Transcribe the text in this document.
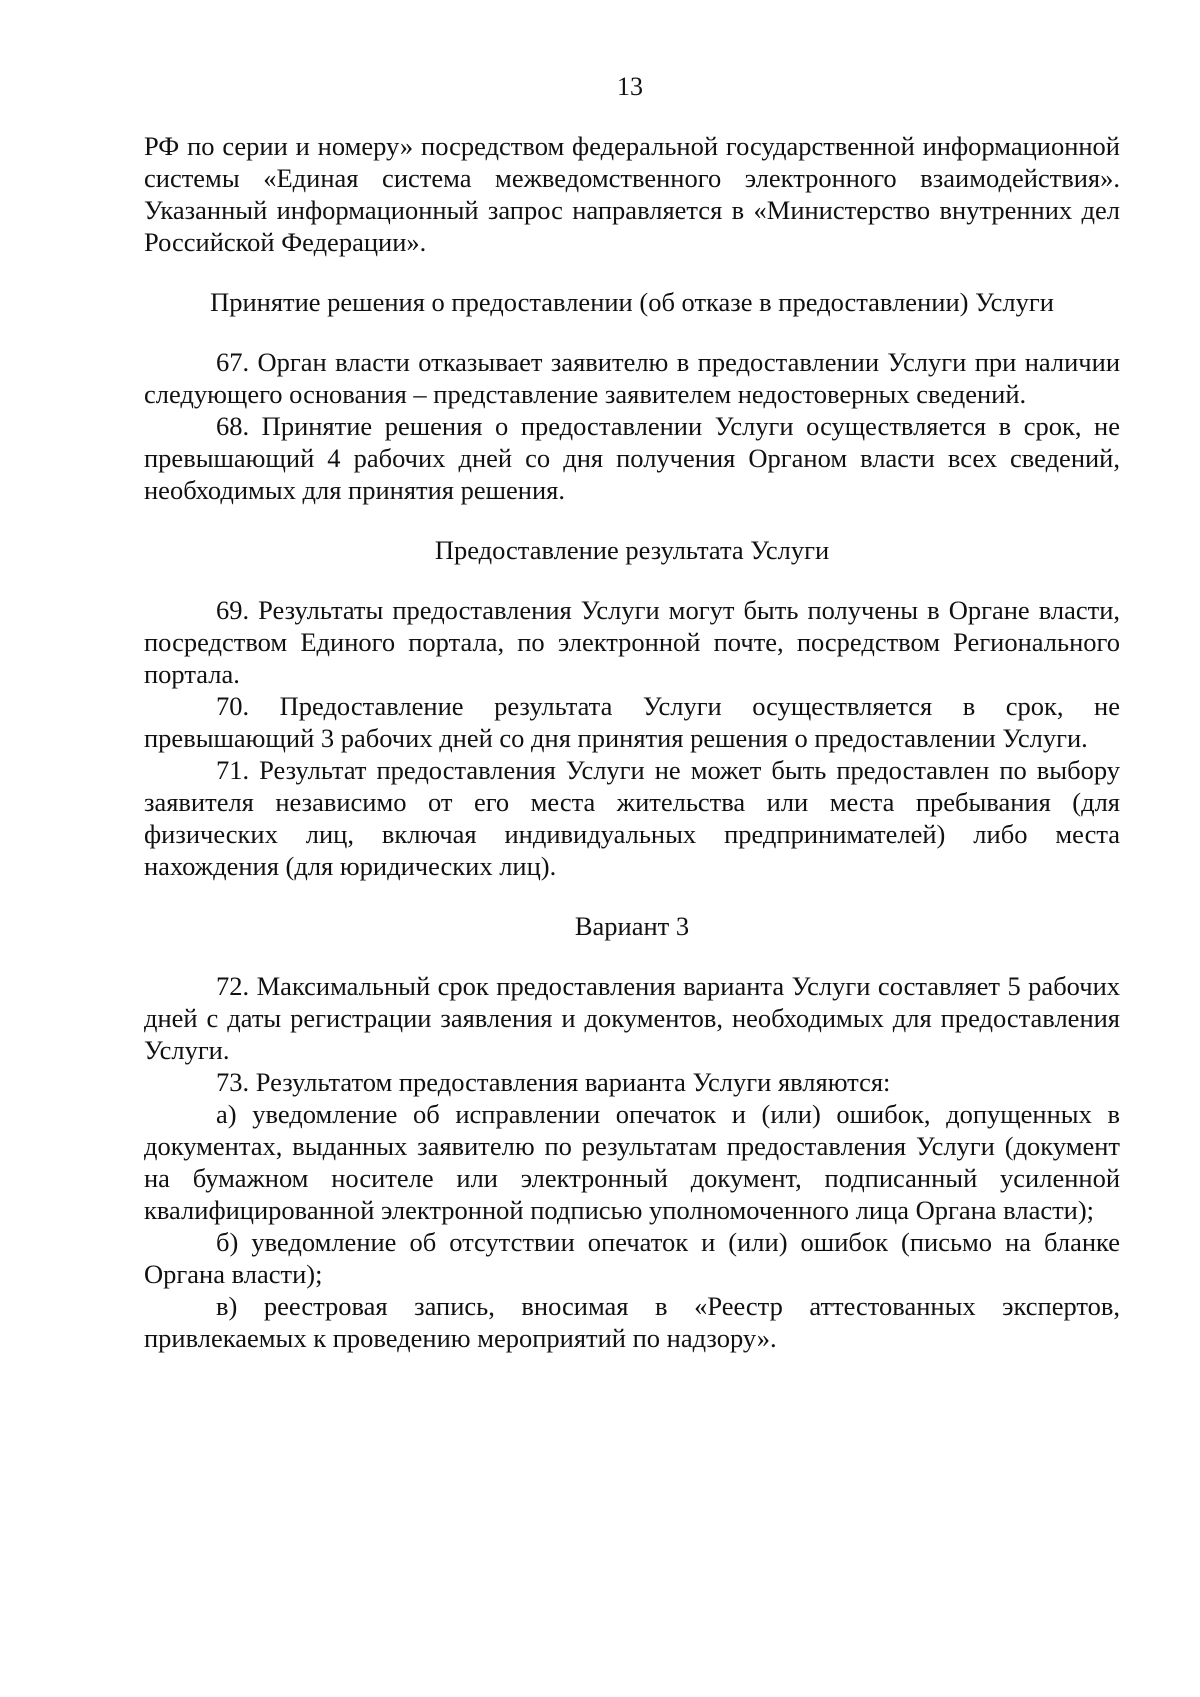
13

РФ по серии и номеру» посредством федеральной государственной информационной системы «Единая система межведомственного электронного взаимодействия». Указанный информационный запрос направляется в «Министерство внутренних дел Российской Федерации».

Принятие решения о предоставлении (об отказе в предоставлении) Услуги

67. Орган власти отказывает заявителю в предоставлении Услуги при наличии следующего основания – представление заявителем недостоверных сведений.

68. Принятие решения о предоставлении Услуги осуществляется в срок, не превышающий 4 рабочих дней со дня получения Органом власти всех сведений, необходимых для принятия решения.

Предоставление результата Услуги

69. Результаты предоставления Услуги могут быть получены в Органе власти, посредством Единого портала, по электронной почте, посредством Регионального портала.

70. Предоставление результата Услуги осуществляется в срок, не превышающий 3 рабочих дней со дня принятия решения о предоставлении Услуги.

71. Результат предоставления Услуги не может быть предоставлен по выбору заявителя независимо от его места жительства или места пребывания (для физических лиц, включая индивидуальных предпринимателей) либо места нахождения (для юридических лиц).

Вариант 3

72. Максимальный срок предоставления варианта Услуги составляет 5 рабочих дней с даты регистрации заявления и документов, необходимых для предоставления Услуги.

73. Результатом предоставления варианта Услуги являются:

а) уведомление об исправлении опечаток и (или) ошибок, допущенных в документах, выданных заявителю по результатам предоставления Услуги (документ на бумажном носителе или электронный документ, подписанный усиленной квалифицированной электронной подписью уполномоченного лица Органа власти);

б) уведомление об отсутствии опечаток и (или) ошибок (письмо на бланке Органа власти);

в) реестровая запись, вносимая в «Реестр аттестованных экспертов, привлекаемых к проведению мероприятий по надзору».
